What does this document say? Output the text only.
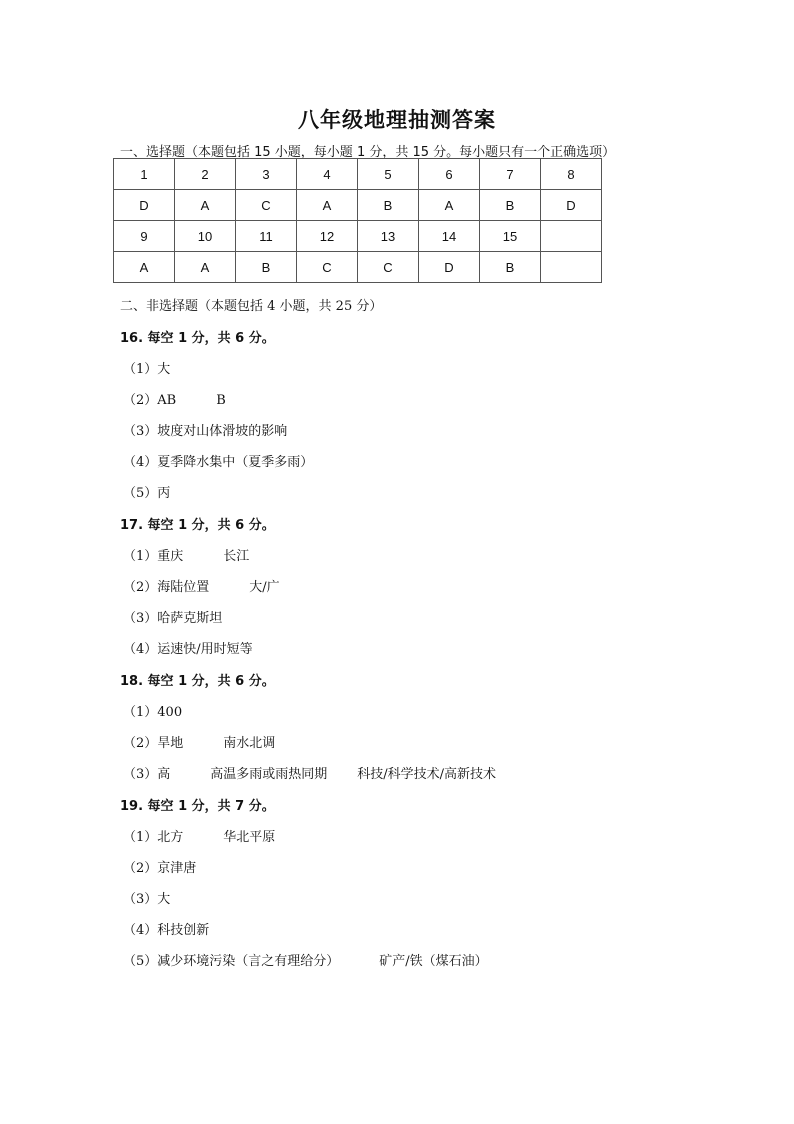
八年级地理抽测答案
一、选择题（本题包括 15 小题，每小题 1 分，共 15 分。每小题只有一个正确选项）
1	2	3	4	5	6	7	8
D	A	C	A	B	A	B	D
9	10	11	12	13	14	15	
A	A	B	C	C	D	B	
二、非选择题（本题包括 4 小题，共 25 分）
16. 每空 1 分，共 6 分。
（1）大
（2）AB	B
（3）坡度对山体滑坡的影响
（4）夏季降水集中（夏季多雨）
（5）丙
17. 每空 1 分，共 6 分。
（1）重庆	长江
（2）海陆位置	大/广
（3）哈萨克斯坦
（4）运速快/用时短等
18. 每空 1 分，共 6 分。
（1）400
（2）旱地	南水北调
（3）高	高温多雨或雨热同期 科技/科学技术/高新技术
19. 每空 1 分，共 7 分。
（1）北方	华北平原
（2）京津唐
（3）大
（4）科技创新
（5）减少环境污染（言之有理给分）	矿产/铁（煤石油）
